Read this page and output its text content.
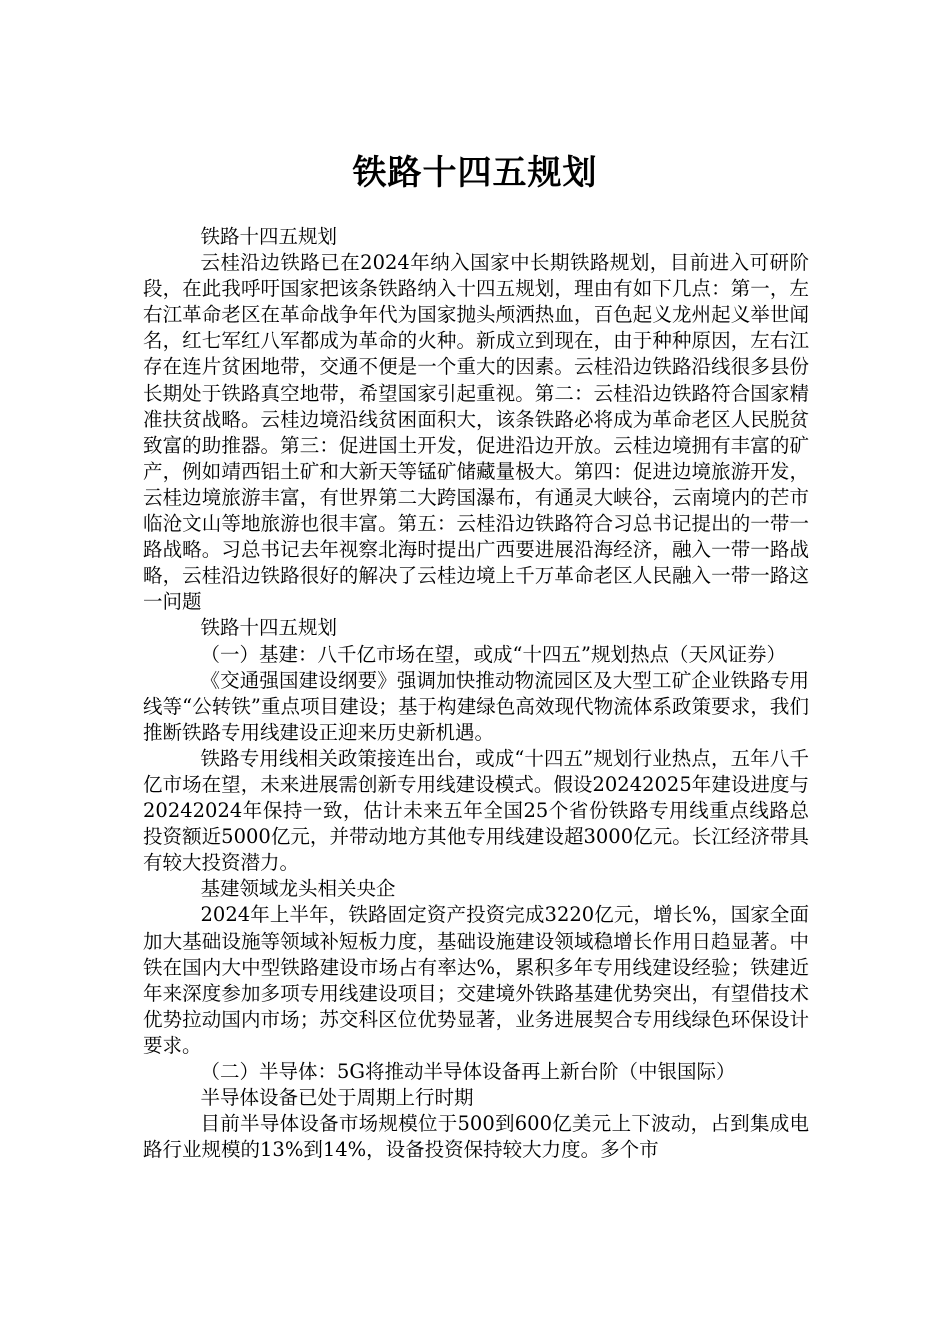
铁路十四五规划

铁路十四五规划

云桂沿边铁路已在2024年纳入国家中长期铁路规划，目前进入可研阶段，在此我呼吁国家把该条铁路纳入十四五规划，理由有如下几点：第一，左右江革命老区在革命战争年代为国家抛头颅洒热血，百色起义龙州起义举世闻名，红七军红八军都成为革命的火种。新成立到现在，由于种种原因，左右江存在连片贫困地带，交通不便是一个重大的因素。云桂沿边铁路沿线很多县份长期处于铁路真空地带，希望国家引起重视。第二：云桂沿边铁路符合国家精准扶贫战略。云桂边境沿线贫困面积大，该条铁路必将成为革命老区人民脱贫致富的助推器。第三：促进国土开发，促进沿边开放。云桂边境拥有丰富的矿产，例如靖西铝土矿和大新天等锰矿储藏量极大。第四：促进边境旅游开发，云桂边境旅游丰富，有世界第二大跨国瀑布，有通灵大峡谷，云南境内的芒市临沧文山等地旅游也很丰富。第五：云桂沿边铁路符合习总书记提出的一带一路战略。习总书记去年视察北海时提出广西要进展沿海经济，融入一带一路战略，云桂沿边铁路很好的解决了云桂边境上千万革命老区人民融入一带一路这一问题

铁路十四五规划

（一）基建：八千亿市场在望，或成“十四五”规划热点（天风证券）

《交通强国建设纲要》强调加快推动物流园区及大型工矿企业铁路专用线等“公转铁”重点项目建设；基于构建绿色高效现代物流体系政策要求，我们推断铁路专用线建设正迎来历史新机遇。

铁路专用线相关政策接连出台，或成“十四五”规划行业热点，五年八千亿市场在望，未来进展需创新专用线建设模式。假设20242025年建设进度与20242024年保持一致，估计未来五年全国25个省份铁路专用线重点线路总投资额近5000亿元，并带动地方其他专用线建设超3000亿元。长江经济带具有较大投资潜力。

基建领域龙头相关央企

2024年上半年，铁路固定资产投资完成3220亿元，增长%，国家全面加大基础设施等领域补短板力度，基础设施建设领域稳增长作用日趋显著。中铁在国内大中型铁路建设市场占有率达%，累积多年专用线建设经验；铁建近年来深度参加多项专用线建设项目；交建境外铁路基建优势突出，有望借技术优势拉动国内市场；苏交科区位优势显著，业务进展契合专用线绿色环保设计要求。

（二）半导体：5G将推动半导体设备再上新台阶（中银国际）

半导体设备已处于周期上行时期

目前半导体设备市场规模位于500到600亿美元上下波动，占到集成电路行业规模的13%到14%，设备投资保持较大力度。多个市
